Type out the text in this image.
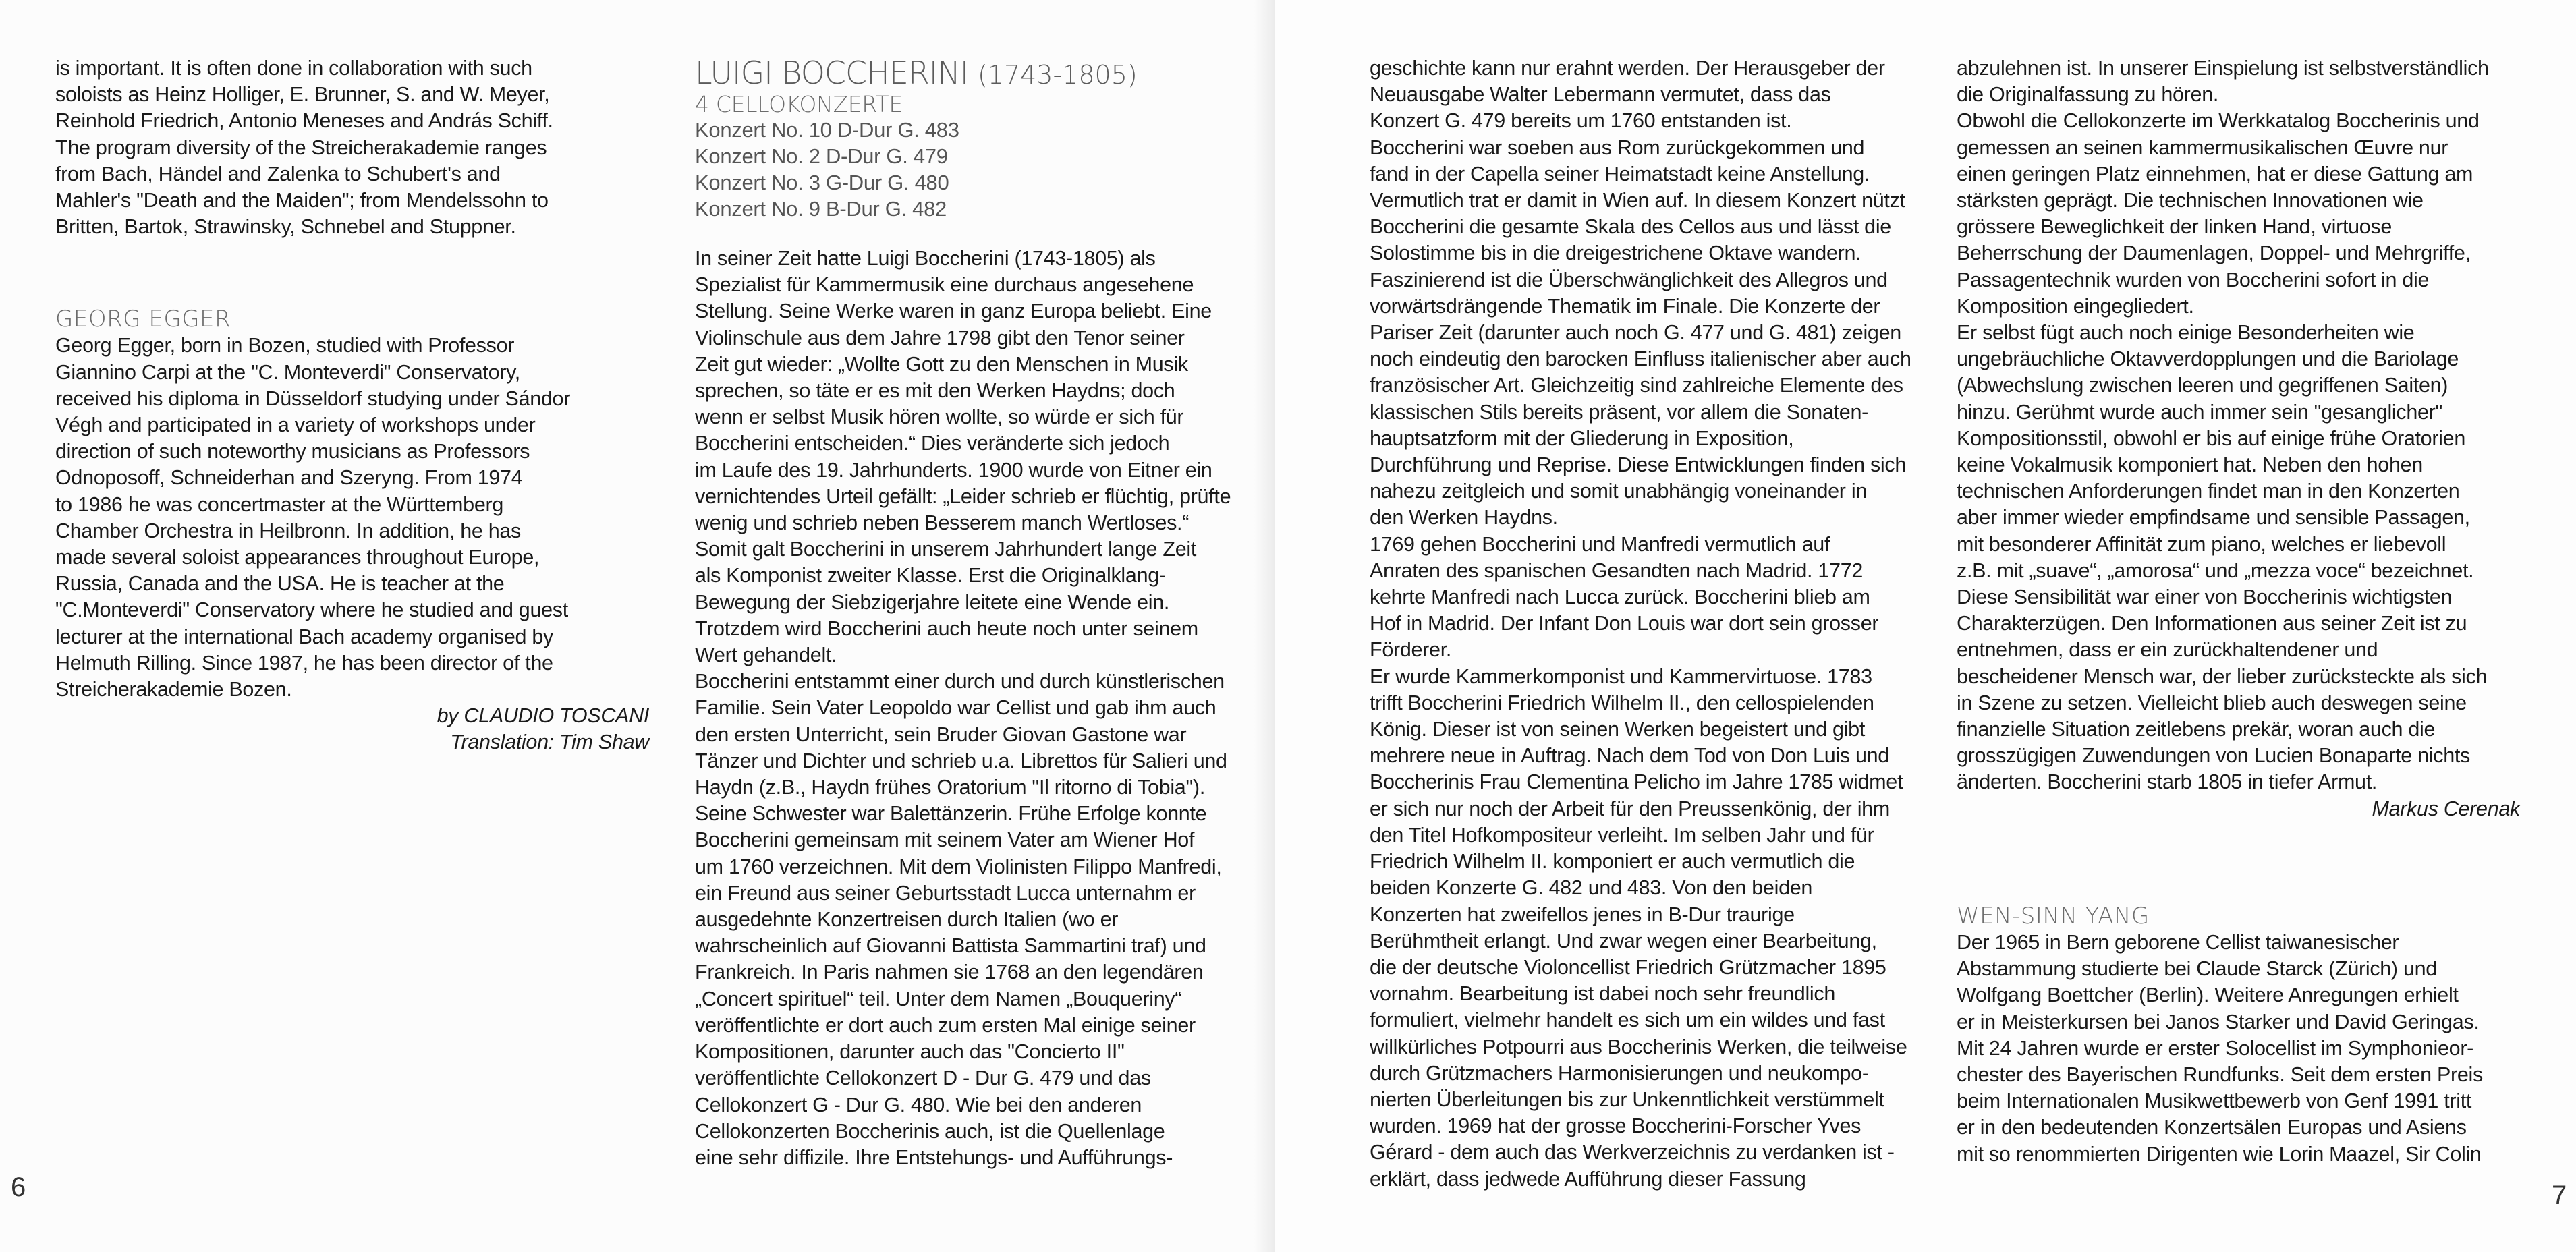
is important. It is often done in collaboration with such
soloists as Heinz Holliger, E. Brunner, S. and W. Meyer,
Reinhold Friedrich, Antonio Meneses and András Schiff.
The program diversity of the Streicherakademie ranges
from Bach, Händel and Zalenka to Schubert's and
Mahler's "Death and the Maiden"; from Mendelssohn to
Britten, Bartok, Strawinsky, Schnebel and Stuppner.
GEORG EGGER
Georg Egger, born in Bozen, studied with Professor
Giannino Carpi at the "C. Monteverdi" Conservatory,
received his diploma in Düsseldorf studying under Sándor
Végh and participated in a variety of workshops under
direction of such noteworthy musicians as Professors
Odnoposoff, Schneiderhan and Szeryng. From 1974
to 1986 he was concertmaster at the Württemberg
Chamber Orchestra in Heilbronn. In addition, he has
made several soloist appearances throughout Europe,
Russia, Canada and the USA. He is teacher at the
"C.Monteverdi" Conservatory where he studied and guest
lecturer at the international Bach academy organised by
Helmuth Rilling. Since 1987, he has been director of the
Streicherakademie Bozen.
by CLAUDIO TOSCANI
Translation: Tim Shaw
LUIGI BOCCHERINI (1743-1805)
4 CELLOKONZERTE
Konzert No. 10 D-Dur G. 483
Konzert No. 2 D-Dur G. 479
Konzert No. 3 G-Dur G. 480
Konzert No. 9 B-Dur G. 482
In seiner Zeit hatte Luigi Boccherini (1743-1805) als
Spezialist für Kammermusik eine durchaus angesehene
Stellung. Seine Werke waren in ganz Europa beliebt. Eine
Violinschule aus dem Jahre 1798 gibt den Tenor seiner
Zeit gut wieder: „Wollte Gott zu den Menschen in Musik
sprechen, so täte er es mit den Werken Haydns; doch
wenn er selbst Musik hören wollte, so würde er sich für
Boccherini entscheiden.“ Dies veränderte sich jedoch
im Laufe des 19. Jahrhunderts. 1900 wurde von Eitner ein
vernichtendes Urteil gefällt: „Leider schrieb er flüchtig, prüfte
wenig und schrieb neben Besserem manch Wertloses.“
Somit galt Boccherini in unserem Jahrhundert lange Zeit
als Komponist zweiter Klasse. Erst die Originalklang-
Bewegung der Siebzigerjahre leitete eine Wende ein.
Trotzdem wird Boccherini auch heute noch unter seinem
Wert gehandelt.
Boccherini entstammt einer durch und durch künstlerischen
Familie. Sein Vater Leopoldo war Cellist und gab ihm auch
den ersten Unterricht, sein Bruder Giovan Gastone war
Tänzer und Dichter und schrieb u.a. Librettos für Salieri und
Haydn (z.B., Haydn frühes Oratorium "Il ritorno di Tobia").
Seine Schwester war Balettänzerin. Frühe Erfolge konnte
Boccherini gemeinsam mit seinem Vater am Wiener Hof
um 1760 verzeichnen. Mit dem Violinisten Filippo Manfredi,
ein Freund aus seiner Geburtsstadt Lucca unternahm er
ausgedehnte Konzertreisen durch Italien (wo er
wahrscheinlich auf Giovanni Battista Sammartini traf) und
Frankreich. In Paris nahmen sie 1768 an den legendären
„Concert spirituel“ teil. Unter dem Namen „Bouqueriny“
veröffentlichte er dort auch zum ersten Mal einige seiner
Kompositionen, darunter auch das "Concierto II"
veröffentlichte Cellokonzert D - Dur G. 479 und das
Cellokonzert G - Dur G. 480. Wie bei den anderen
Cellokonzerten Boccherinis auch, ist die Quellenlage
eine sehr diffizile. Ihre Entstehungs- und Aufführungs-
6
geschichte kann nur erahnt werden. Der Herausgeber der
Neuausgabe Walter Lebermann vermutet, dass das
Konzert G. 479 bereits um 1760 entstanden ist.
Boccherini war soeben aus Rom zurückgekommen und
fand in der Capella seiner Heimatstadt keine Anstellung.
Vermutlich trat er damit in Wien auf. In diesem Konzert nützt
Boccherini die gesamte Skala des Cellos aus und lässt die
Solostimme bis in die dreigestrichene Oktave wandern.
Faszinierend ist die Überschwänglichkeit des Allegros und
vorwärtsdrängende Thematik im Finale. Die Konzerte der
Pariser Zeit (darunter auch noch G. 477 und G. 481) zeigen
noch eindeutig den barocken Einfluss italienischer aber auch
französischer Art. Gleichzeitig sind zahlreiche Elemente des
klassischen Stils bereits präsent, vor allem die Sonaten-
hauptsatzform mit der Gliederung in Exposition,
Durchführung und Reprise. Diese Entwicklungen finden sich
nahezu zeitgleich und somit unabhängig voneinander in
den Werken Haydns.
1769 gehen Boccherini und Manfredi vermutlich auf
Anraten des spanischen Gesandten nach Madrid. 1772
kehrte Manfredi nach Lucca zurück. Boccherini blieb am
Hof in Madrid. Der Infant Don Louis war dort sein grosser
Förderer.
Er wurde Kammerkomponist und Kammervirtuose. 1783
trifft Boccherini Friedrich Wilhelm II., den cellospielenden
König. Dieser ist von seinen Werken begeistert und gibt
mehrere neue in Auftrag. Nach dem Tod von Don Luis und
Boccherinis Frau Clementina Pelicho im Jahre 1785 widmet
er sich nur noch der Arbeit für den Preussenkönig, der ihm
den Titel Hofkompositeur verleiht. Im selben Jahr und für
Friedrich Wilhelm II. komponiert er auch vermutlich die
beiden Konzerte G. 482 und 483. Von den beiden
Konzerten hat zweifellos jenes in B-Dur traurige
Berühmtheit erlangt. Und zwar wegen einer Bearbeitung,
die der deutsche Violoncellist Friedrich Grützmacher 1895
vornahm. Bearbeitung ist dabei noch sehr freundlich
formuliert, vielmehr handelt es sich um ein wildes und fast
willkürliches Potpourri aus Boccherinis Werken, die teilweise
durch Grützmachers Harmonisierungen und neukompo-
nierten Überleitungen bis zur Unkenntlichkeit verstümmelt
wurden. 1969 hat der grosse Boccherini-Forscher Yves
Gérard - dem auch das Werkverzeichnis zu verdanken ist -
erklärt, dass jedwede Aufführung dieser Fassung
abzulehnen ist. In unserer Einspielung ist selbstverständlich
die Originalfassung zu hören.
Obwohl die Cellokonzerte im Werkkatalog Boccherinis und
gemessen an seinen kammermusikalischen Œuvre nur
einen geringen Platz einnehmen, hat er diese Gattung am
stärksten geprägt. Die technischen Innovationen wie
grössere Beweglichkeit der linken Hand, virtuose
Beherrschung der Daumenlagen, Doppel- und Mehrgriffe,
Passagentechnik wurden von Boccherini sofort in die
Komposition eingegliedert.
Er selbst fügt auch noch einige Besonderheiten wie
ungebräuchliche Oktavverdopplungen und die Bariolage
(Abwechslung zwischen leeren und gegriffenen Saiten)
hinzu. Gerühmt wurde auch immer sein "gesanglicher"
Kompositionsstil, obwohl er bis auf einige frühe Oratorien
keine Vokalmusik komponiert hat. Neben den hohen
technischen Anforderungen findet man in den Konzerten
aber immer wieder empfindsame und sensible Passagen,
mit besonderer Affinität zum piano, welches er liebevoll
z.B. mit „suave“, „amorosa“ und „mezza voce“ bezeichnet.
Diese Sensibilität war einer von Boccherinis wichtigsten
Charakterzügen. Den Informationen aus seiner Zeit ist zu
entnehmen, dass er ein zurückhaltendener und
bescheidener Mensch war, der lieber zurücksteckte als sich
in Szene zu setzen. Vielleicht blieb auch deswegen seine
finanzielle Situation zeitlebens prekär, woran auch die
grosszügigen Zuwendungen von Lucien Bonaparte nichts
änderten. Boccherini starb 1805 in tiefer Armut.
Markus Cerenak
WEN-SINN YANG
Der 1965 in Bern geborene Cellist taiwanesischer
Abstammung studierte bei Claude Starck (Zürich) und
Wolfgang Boettcher (Berlin). Weitere Anregungen erhielt
er in Meisterkursen bei Janos Starker und David Geringas.
Mit 24 Jahren wurde er erster Solocellist im Symphonieor-
chester des Bayerischen Rundfunks. Seit dem ersten Preis
beim Internationalen Musikwettbewerb von Genf 1991 tritt
er in den bedeutenden Konzertsälen Europas und Asiens
mit so renommierten Dirigenten wie Lorin Maazel, Sir Colin
7
